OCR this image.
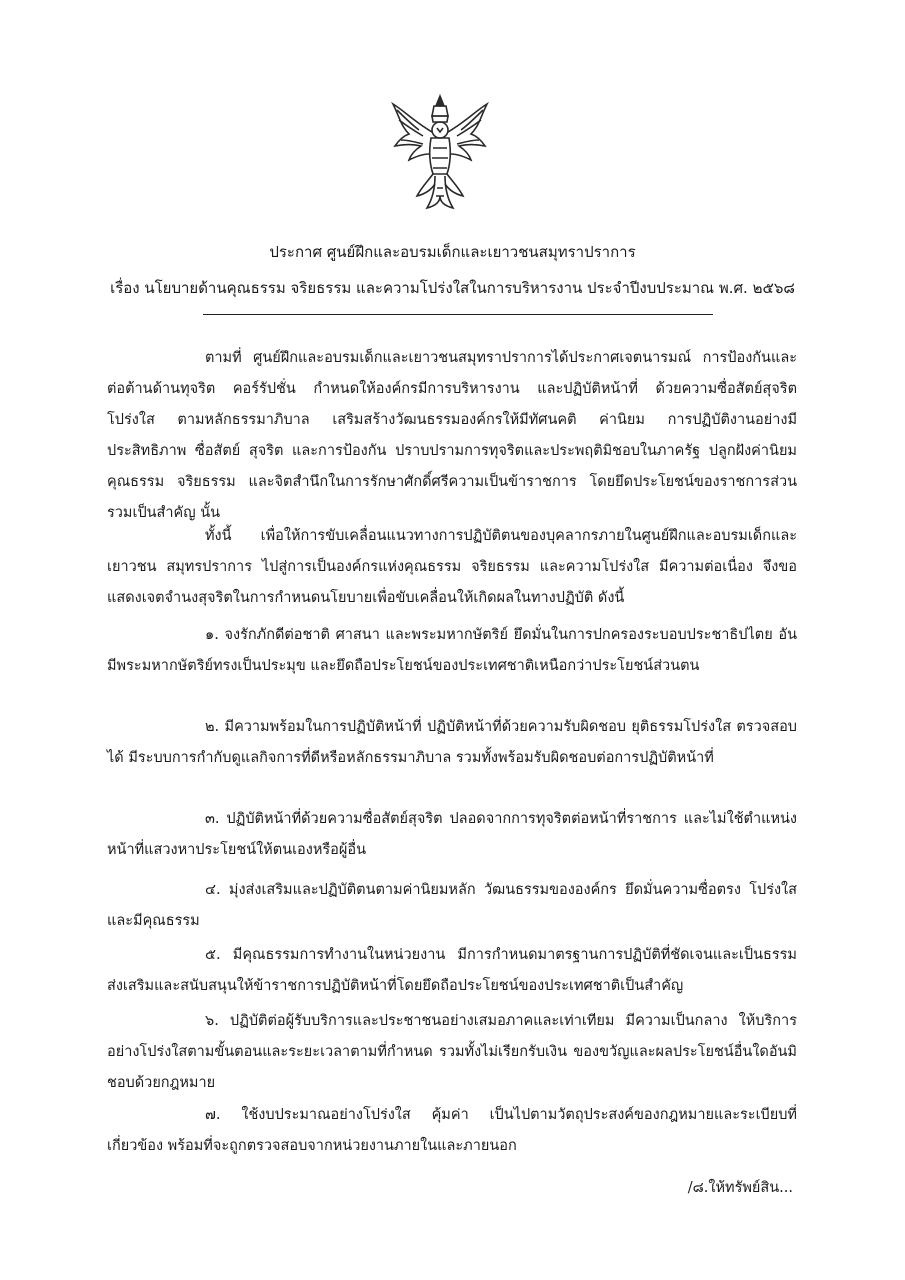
ประกาศ ศูนย์ฝึกและอบรมเด็กและเยาวชนสมุทราปราการ
เรื่อง นโยบายด้านคุณธรรม จริยธรรม และความโปร่งใสในการบริหารงาน ประจำปีงบประมาณ พ.ศ. ๒๕๖๘

ตามที่ ศูนย์ฝึกและอบรมเด็กและเยาวชนสมุทราปราการได้ประกาศเจตนารมณ์ การป้องกันและต่อต้านด้านทุจริต คอร์รัปชั่น กำหนดให้องค์กรมีการบริหารงาน และปฏิบัติหน้าที่ ด้วยความซื่อสัตย์สุจริต โปร่งใส ตามหลักธรรมาภิบาล เสริมสร้างวัฒนธรรมองค์กรให้มีทัศนคติ ค่านิยม การปฏิบัติงานอย่างมีประสิทธิภาพ ซื่อสัตย์ สุจริต และการป้องกัน ปราบปรามการทุจริตและประพฤติมิชอบในภาครัฐ ปลูกฝังค่านิยมคุณธรรม จริยธรรม และจิตสำนึกในการรักษาศักดิ์ศรีความเป็นข้าราชการ โดยยึดประโยชน์ของราชการส่วนรวมเป็นสำคัญ นั้น

ทั้งนี้ เพื่อให้การขับเคลื่อนแนวทางการปฏิบัติตนของบุคลากรภายในศูนย์ฝึกและอบรมเด็กและเยาวชน สมุทรปราการ ไปสู่การเป็นองค์กรแห่งคุณธรรม จริยธรรม และความโปร่งใส มีความต่อเนื่อง จึงขอแสดงเจตจำนงสุจริตในการกำหนดนโยบายเพื่อขับเคลื่อนให้เกิดผลในทางปฏิบัติ ดังนี้

๑. จงรักภักดีต่อชาติ ศาสนา และพระมหากษัตริย์ ยึดมั่นในการปกครองระบอบประชาธิปไตย อันมีพระมหากษัตริย์ทรงเป็นประมุข และยึดถือประโยชน์ของประเทศชาติเหนือกว่าประโยชน์ส่วนตน

๒. มีความพร้อมในการปฏิบัติหน้าที่ ปฏิบัติหน้าที่ด้วยความรับผิดชอบ ยุติธรรมโปร่งใส ตรวจสอบได้ มีระบบการกำกับดูแลกิจการที่ดีหรือหลักธรรมาภิบาล รวมทั้งพร้อมรับผิดชอบต่อการปฏิบัติหน้าที่

๓. ปฏิบัติหน้าที่ด้วยความซื่อสัตย์สุจริต ปลอดจากการทุจริตต่อหน้าที่ราชการ และไม่ใช้ตำแหน่งหน้าที่แสวงหาประโยชน์ให้ตนเองหรือผู้อื่น

๔. มุ่งส่งเสริมและปฏิบัติตนตามค่านิยมหลัก วัฒนธรรมขององค์กร ยึดมั่นความซื่อตรง โปร่งใสและมีคุณธรรม

๕. มีคุณธรรมการทำงานในหน่วยงาน มีการกำหนดมาตรฐานการปฏิบัติที่ชัดเจนและเป็นธรรมส่งเสริมและสนับสนุนให้ข้าราชการปฏิบัติหน้าที่โดยยึดถือประโยชน์ของประเทศชาติเป็นสำคัญ

๖. ปฏิบัติต่อผู้รับบริการและประชาชนอย่างเสมอภาคและเท่าเทียม มีความเป็นกลาง ให้บริการอย่างโปร่งใสตามขั้นตอนและระยะเวลาตามที่กำหนด รวมทั้งไม่เรียกรับเงิน ของขวัญและผลประโยชน์อื่นใดอันมิชอบด้วยกฎหมาย

๗. ใช้งบประมาณอย่างโปร่งใส คุ้มค่า เป็นไปตามวัตถุประสงค์ของกฎหมายและระเบียบที่เกี่ยวข้อง พร้อมที่จะถูกตรวจสอบจากหน่วยงานภายในและภายนอก

/๘.ให้ทรัพย์สิน...
